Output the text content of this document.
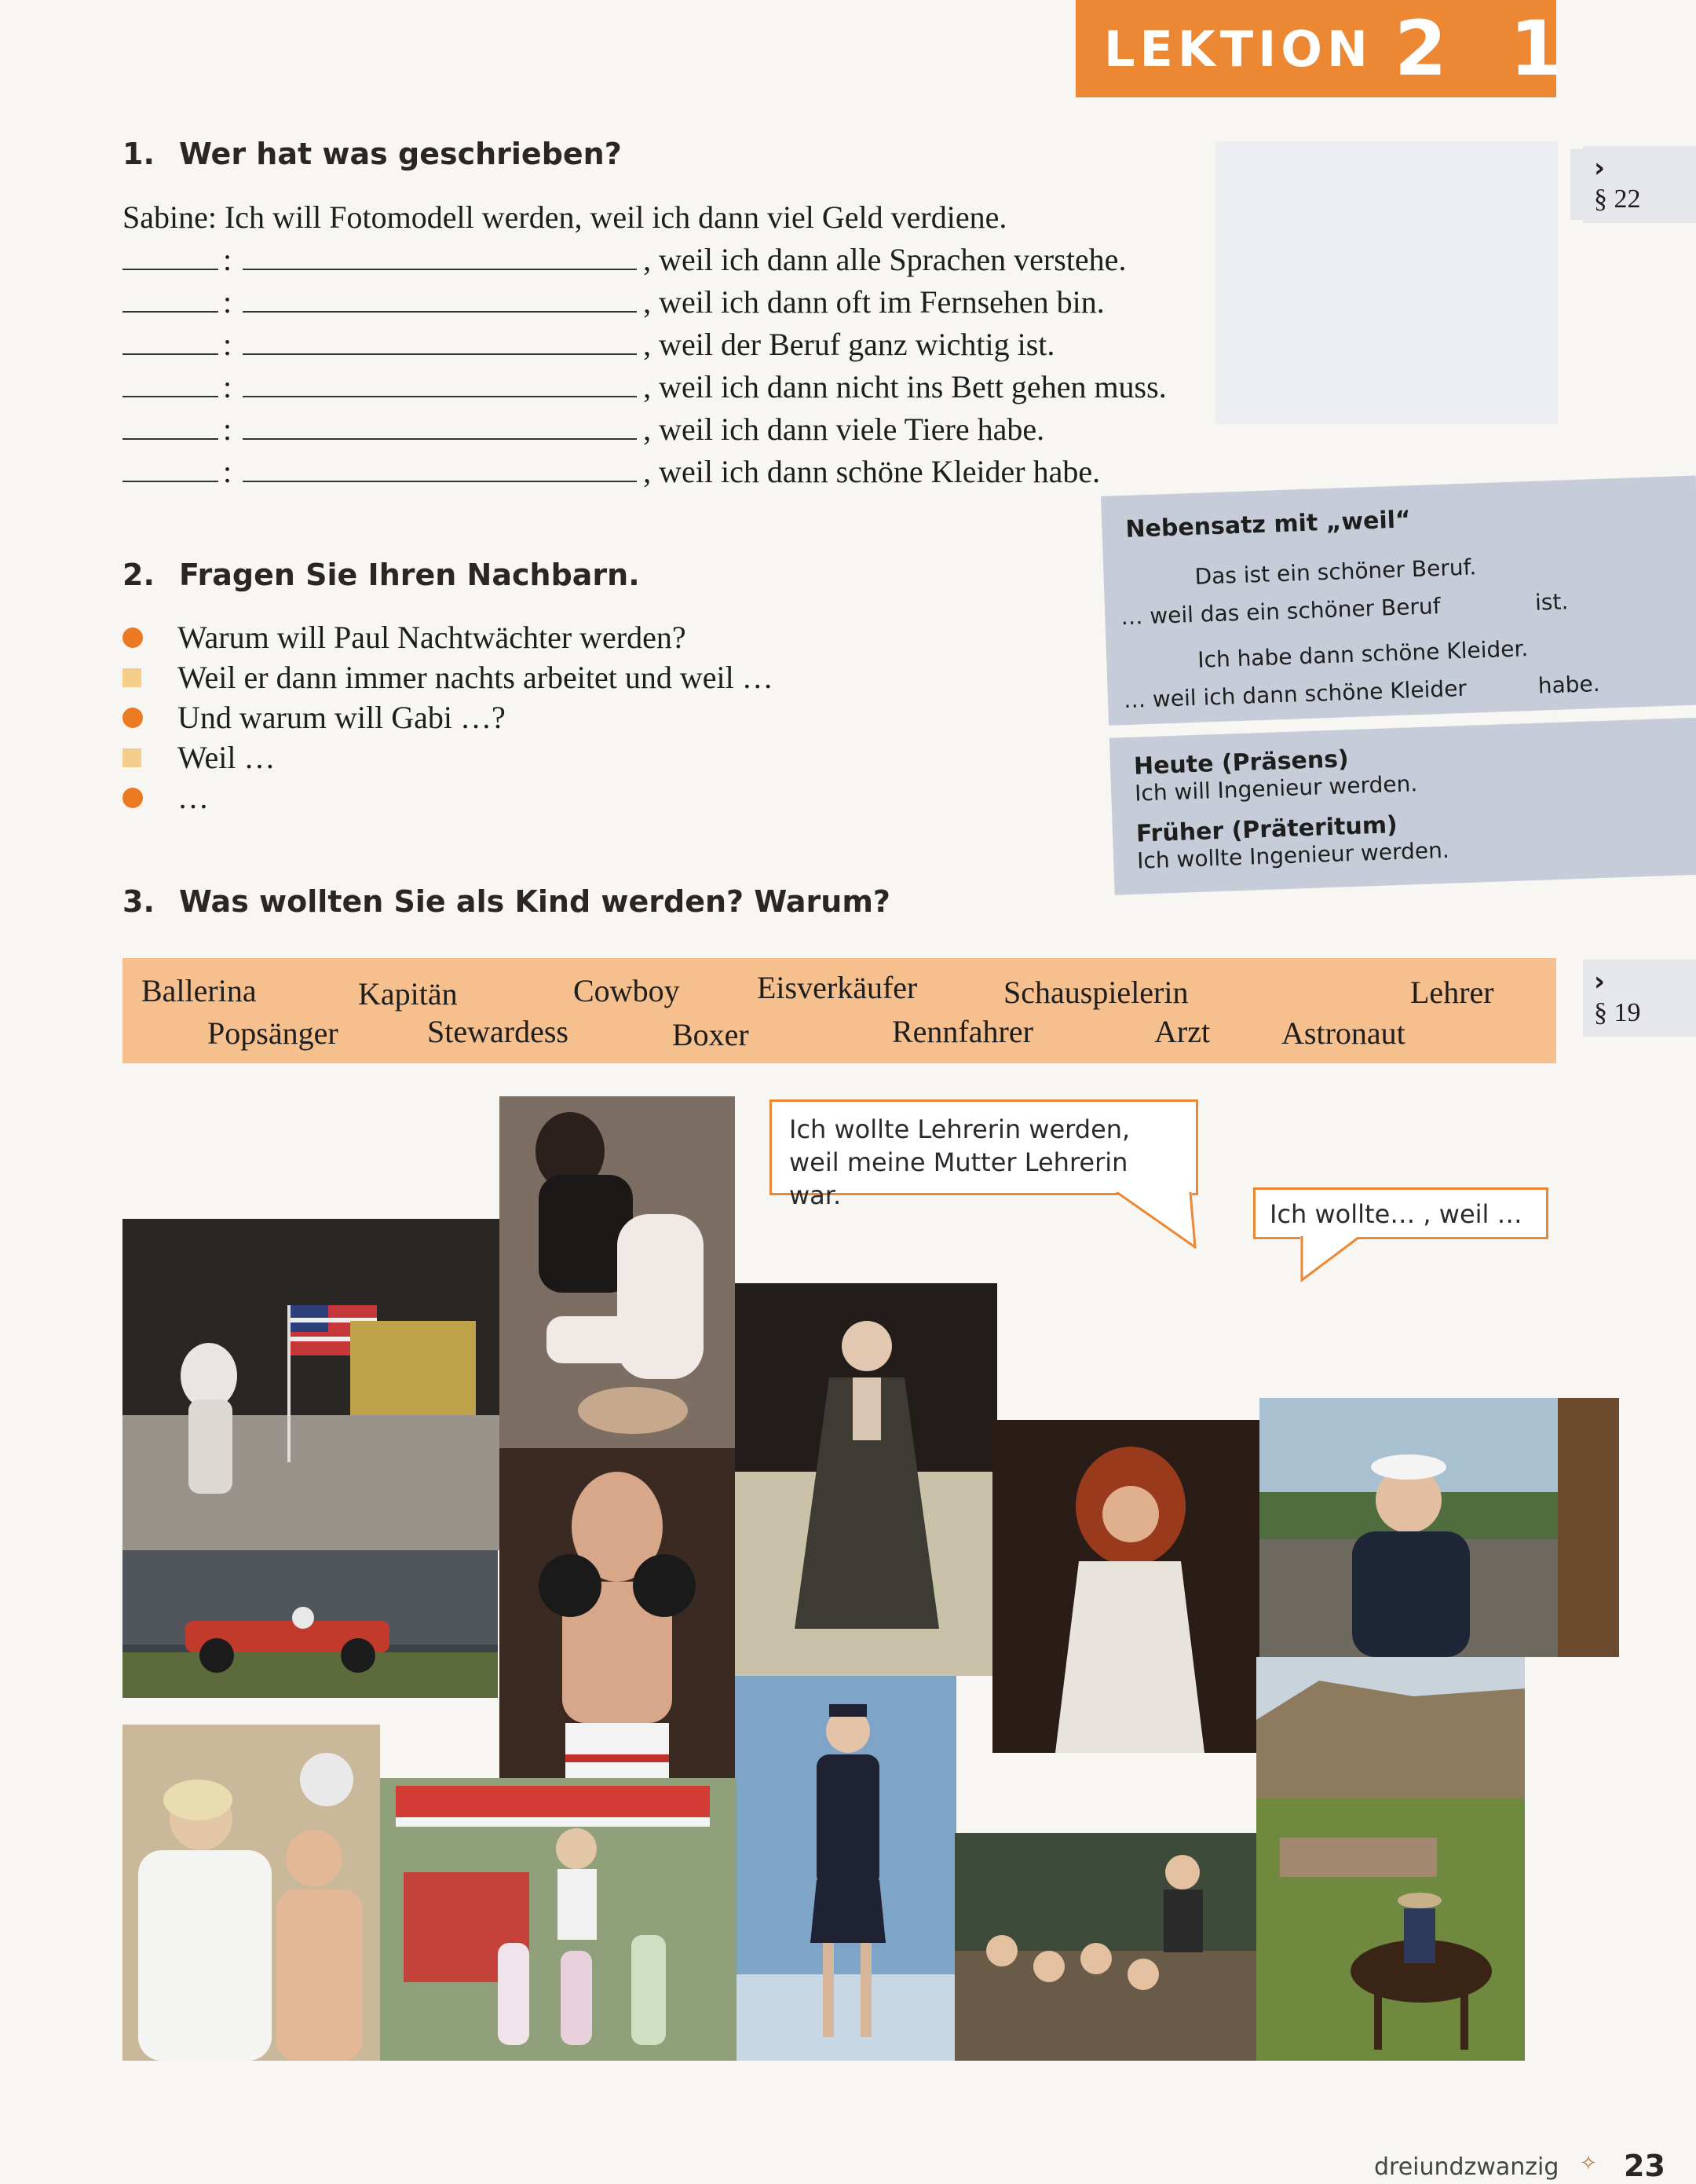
LEKTION 2 1
1. Wer hat was geschrieben?
Sabine: Ich will Fotomodell werden, weil ich dann viel Geld verdiene.
:	, weil ich dann alle Sprachen verstehe.
:	, weil ich dann oft im Fernsehen bin.
:	, weil der Beruf ganz wichtig ist.
:	, weil ich dann nicht ins Bett gehen muss.
:	, weil ich dann viele Tiere habe.
:	, weil ich dann schöne Kleider habe.
2. Fragen Sie Ihren Nachbarn.
Warum will Paul Nachtwächter werden?
Weil er dann immer nachts arbeitet und weil …
Und warum will Gabi …?
Weil …
…
3. Was wollten Sie als Kind werden? Warum?
Nebensatz mit „weil“
Das ist ein schöner Beruf.
… weil das ein schöner Beruf	ist.
Ich habe dann schöne Kleider.
… weil ich dann schöne Kleider	habe.
Heute (Präsens)
Ich will Ingenieur werden.
Früher (Präteritum)
Ich wollte Ingenieur werden.
›
§ 22
›
§ 19
Ballerina	Kapitän	Cowboy Eisverkäufer	Schauspielerin	Lehrer
Popsänger	Stewardess	Boxer	Rennfahrer	Arzt Astronaut
Ich wollte Lehrerin werden, weil meine Mutter Lehrerin war.
Ich wollte… , weil …
dreiundzwanzig ✧ 23
